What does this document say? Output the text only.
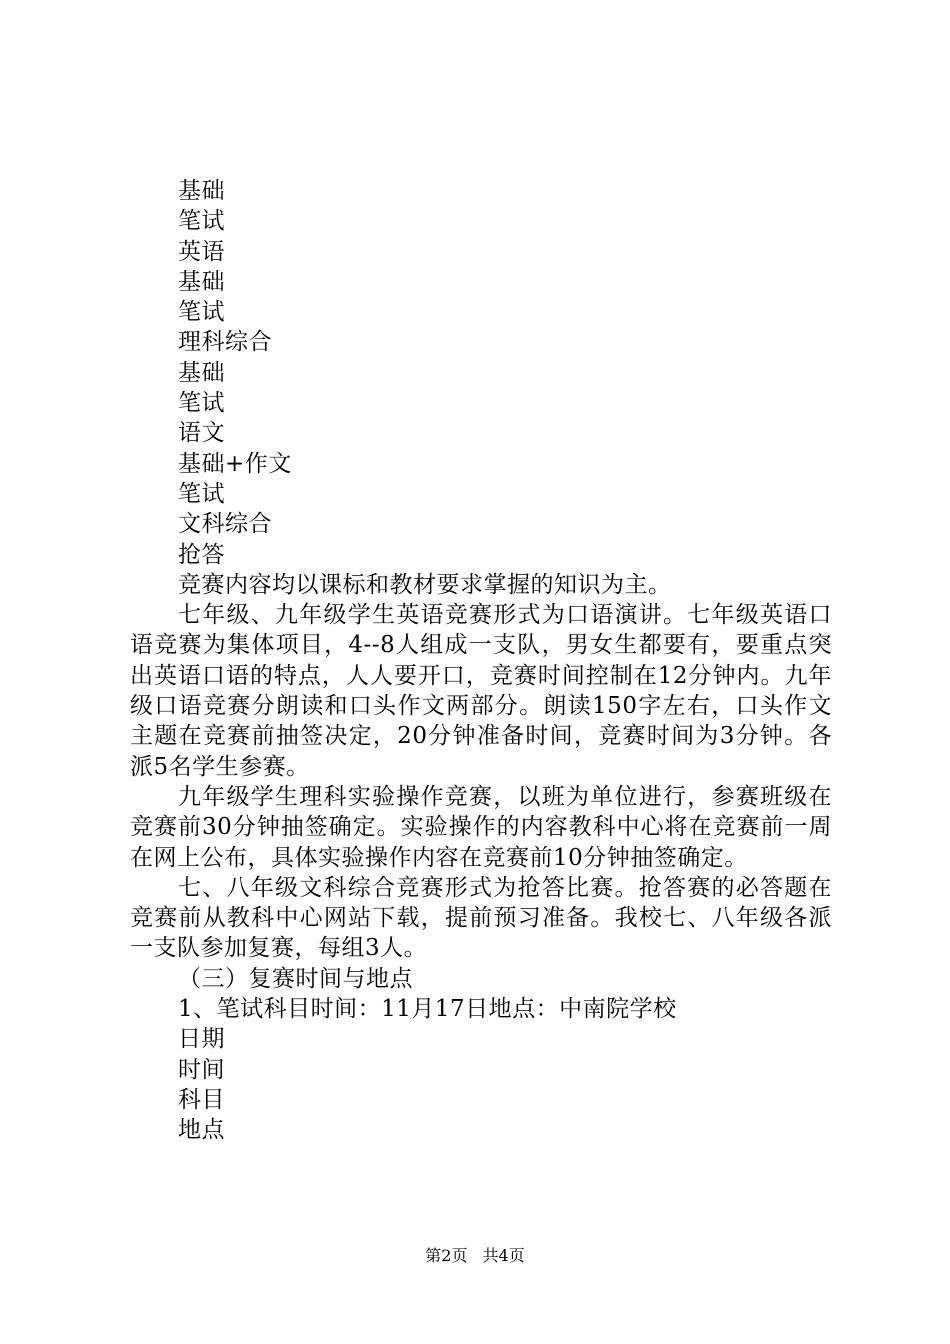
基础
笔试
英语
基础
笔试
理科综合
基础
笔试
语文
基础+作文
笔试
文科综合
抢答
竞赛内容均以课标和教材要求掌握的知识为主。
七年级、九年级学生英语竞赛形式为口语演讲。七年级英语口语竞赛为集体项目，4--8人组成一支队，男女生都要有，要重点突出英语口语的特点，人人要开口，竞赛时间控制在12分钟内。九年级口语竞赛分朗读和口头作文两部分。朗读150字左右，口头作文主题在竞赛前抽签决定，20分钟准备时间，竞赛时间为3分钟。各派5名学生参赛。
九年级学生理科实验操作竞赛，以班为单位进行，参赛班级在竞赛前30分钟抽签确定。实验操作的内容教科中心将在竞赛前一周在网上公布，具体实验操作内容在竞赛前10分钟抽签确定。
七、八年级文科综合竞赛形式为抢答比赛。抢答赛的必答题在竞赛前从教科中心网站下载，提前预习准备。我校七、八年级各派一支队参加复赛，每组3人。
（三）复赛时间与地点
1、笔试科目时间：11月17日地点：中南院学校
日期
时间
科目
地点
第2页 共4页
